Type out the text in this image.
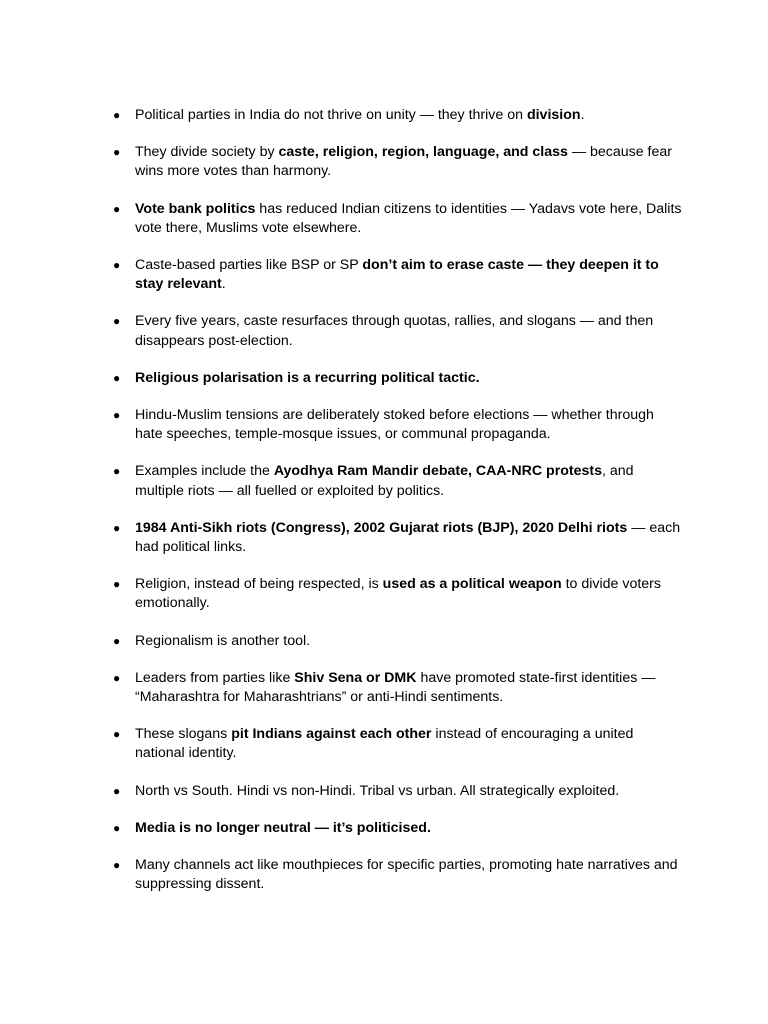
● Political parties in India do not thrive on unity — they thrive on division.
● They divide society by caste, religion, region, language, and class — because fear wins more votes than harmony.
● Vote bank politics has reduced Indian citizens to identities — Yadavs vote here, Dalits vote there, Muslims vote elsewhere.
● Caste-based parties like BSP or SP don’t aim to erase caste — they deepen it to stay relevant.
● Every five years, caste resurfaces through quotas, rallies, and slogans — and then disappears post-election.
● Religious polarisation is a recurring political tactic.
● Hindu-Muslim tensions are deliberately stoked before elections — whether through hate speeches, temple-mosque issues, or communal propaganda.
● Examples include the Ayodhya Ram Mandir debate, CAA-NRC protests, and multiple riots — all fuelled or exploited by politics.
● 1984 Anti-Sikh riots (Congress), 2002 Gujarat riots (BJP), 2020 Delhi riots — each had political links.
● Religion, instead of being respected, is used as a political weapon to divide voters emotionally.
● Regionalism is another tool.
● Leaders from parties like Shiv Sena or DMK have promoted state-first identities — “Maharashtra for Maharashtrians” or anti-Hindi sentiments.
● These slogans pit Indians against each other instead of encouraging a united national identity.
● North vs South. Hindi vs non-Hindi. Tribal vs urban. All strategically exploited.
● Media is no longer neutral — it’s politicised.
● Many channels act like mouthpieces for specific parties, promoting hate narratives and suppressing dissent.
